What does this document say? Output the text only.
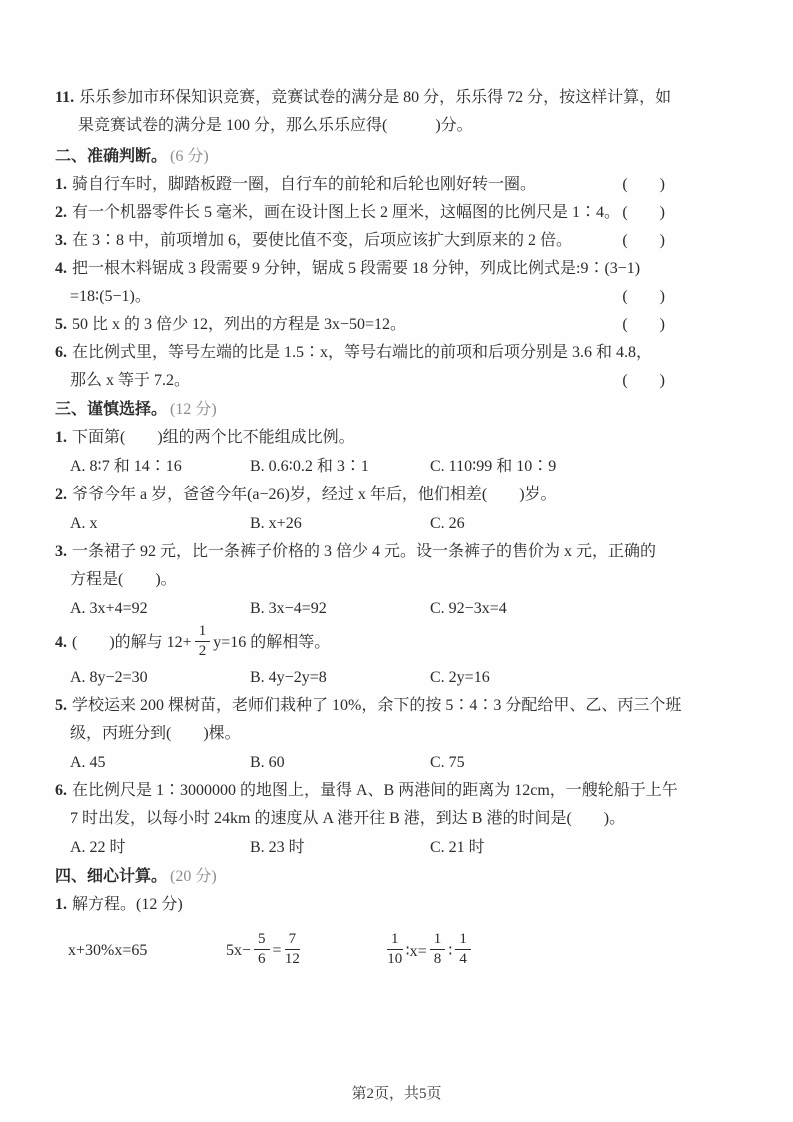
11. 乐乐参加市环保知识竞赛，竞赛试卷的满分是 80 分，乐乐得 72 分，按这样计算，如
果竞赛试卷的满分是 100 分，那么乐乐应得(　　　)分。
二、准确判断。 (6 分)
1. 骑自行车时，脚踏板蹬一圈，自行车的前轮和后轮也刚好转一圈。	(　　)
2. 有一个机器零件长 5 毫米，画在设计图上长 2 厘米，这幅图的比例尺是 1∶4。 (　　)
3. 在 3∶8 中，前项增加 6，要使比值不变，后项应该扩大到原来的 2 倍。	(　　)
4. 把一根木料锯成 3 段需要 9 分钟，锯成 5 段需要 18 分钟，列成比例式是:9∶(3−1)
=18∶(5−1)。	(　　)
5. 50 比 x 的 3 倍少 12，列出的方程是 3x−50=12。	(　　)
6. 在比例式里，等号左端的比是 1.5∶x，等号右端比的前项和后项分别是 3.6 和 4.8，
那么 x 等于 7.2。	(　　)
三、谨慎选择。 (12 分)
1. 下面第(　　)组的两个比不能组成比例。
A. 8∶7 和 14∶16	B. 0.6∶0.2 和 3∶1	C. 110∶99 和 10∶9
2. 爷爷今年 a 岁，爸爸今年(a−26)岁，经过 x 年后，他们相差(　　)岁。
A. x	B. x+26	C. 26
3. 一条裙子 92 元，比一条裤子价格的 3 倍少 4 元。设一条裤子的售价为 x 元，正确的
方程是(　　)。
A. 3x+4=92	B. 3x−4=92	C. 92−3x=4
4. (　　)的解与 $12+ \frac{1}{2} y=16$ 的解相等。
A. 8y−2=30	B. 4y−2y=8	C. 2y=16
5. 学校运来 200 棵树苗，老师们栽种了 10%，余下的按 5∶4∶3 分配给甲、乙、丙三个班
级，丙班分到(　　)棵。
A. 45	B. 60	C. 75
6. 在比例尺是 1∶3000000 的地图上，量得 A、B 两港间的距离为 12cm，一艘轮船于上午
7 时出发，以每小时 24km 的速度从 A 港开往 B 港，到达 B 港的时间是(　　)。
A. 22 时	B. 23 时	C. 21 时
四、细心计算。 (20 分)
1. 解方程。(12 分)
x+30%x=65	$5x- \frac{5}{6} = \frac{7}{12}$	$\frac{1}{10}$ ∶x= $\frac{1}{8}$ ∶ $\frac{1}{4}$
第2页，共5页
